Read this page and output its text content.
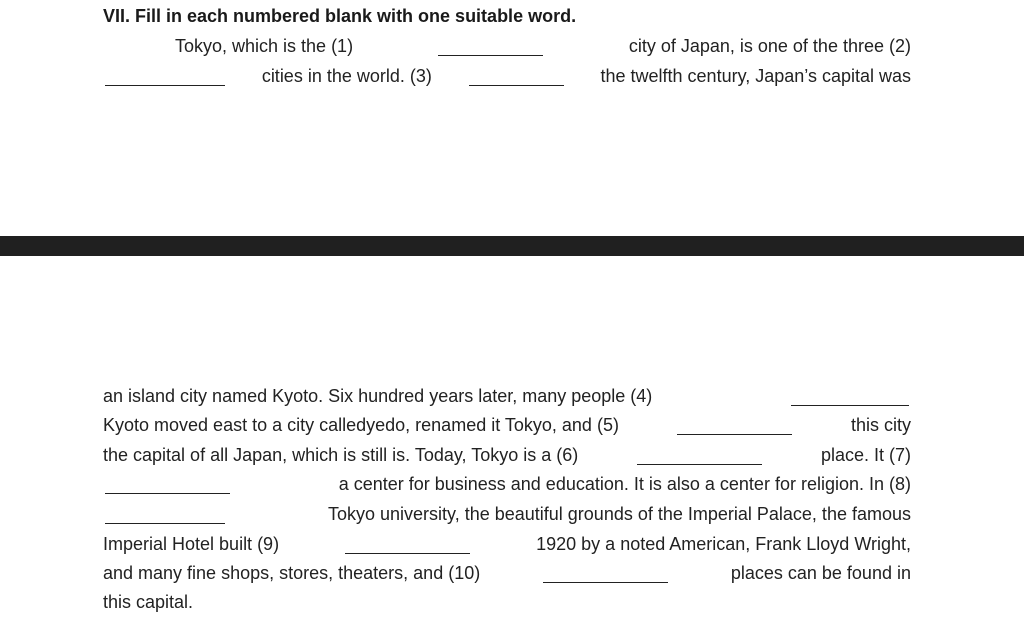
VII. Fill in each numbered blank with one suitable word.
Tokyo, which is the (1)	city of Japan, is one of the three (2)
cities in the world. (3)	the twelfth century, Japan’s capital was
an island city named Kyoto. Six hundred years later, many people (4)
Kyoto moved east to a city calledyedo, renamed it Tokyo, and (5)	this city
the capital of all Japan, which is still is. Today, Tokyo is a (6)	place. It (7)
a center for business and education. It is also a center for religion. In (8)
Tokyo university, the beautiful grounds of the Imperial Palace, the famous
Imperial Hotel built (9)	1920 by a noted American, Frank Lloyd Wright,
and many fine shops, stores, theaters, and (10)	places can be found in
this capital.
